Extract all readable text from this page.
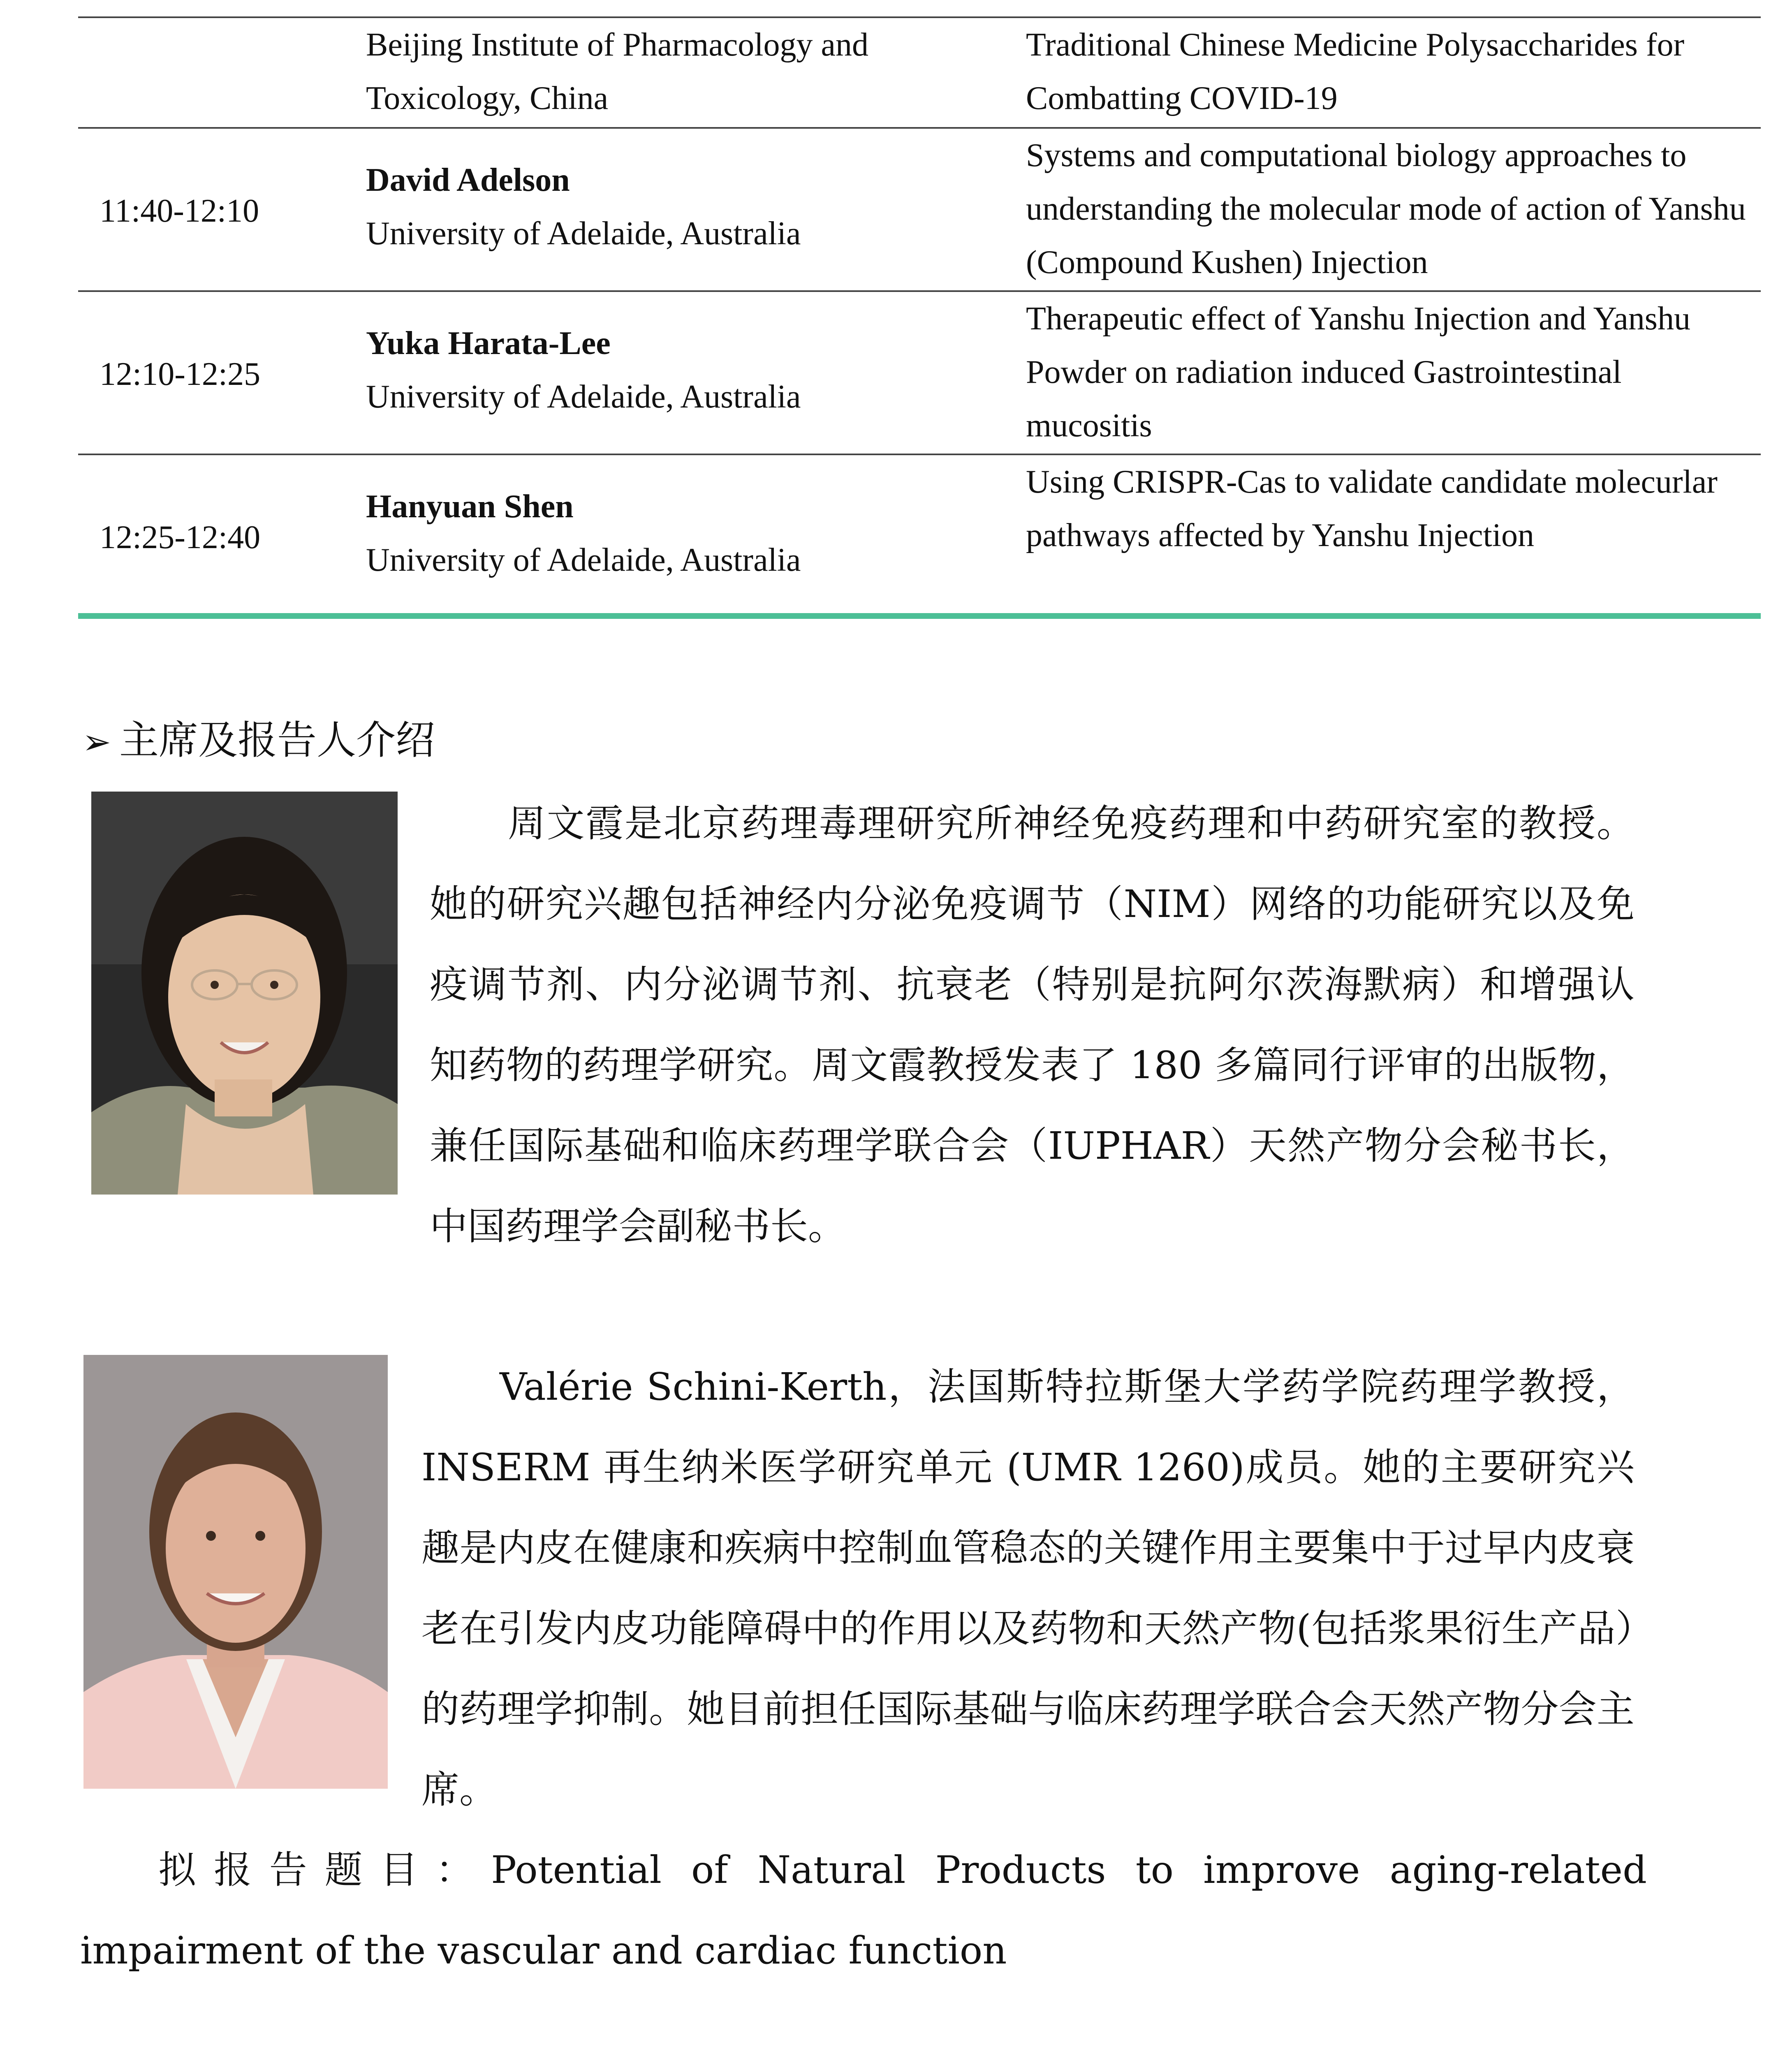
Beijing Institute of Pharmacology and Toxicology, China
Traditional Chinese Medicine Polysaccharides for Combatting COVID-19
11:40-12:10
David Adelson
University of Adelaide, Australia
Systems and computational biology approaches to understanding the molecular mode of action of Yanshu (Compound Kushen) Injection
12:10-12:25
Yuka Harata-Lee
University of Adelaide, Australia
Therapeutic effect of Yanshu Injection and Yanshu Powder on radiation induced Gastrointestinal mucositis
12:25-12:40
Hanyuan Shen
University of Adelaide, Australia
Using CRISPR-Cas to validate candidate molecurlar pathways affected by Yanshu Injection
➢ 主席及报告人介绍
周文霞是北京药理毒理研究所神经免疫药理和中药研究室的教授。她的研究兴趣包括神经内分泌免疫调节（NIM）网络的功能研究以及免疫调节剂、内分泌调节剂、抗衰老（特别是抗阿尔茨海默病）和增强认知药物的药理学研究。周文霞教授发表了 180 多篇同行评审的出版物，兼任国际基础和临床药理学联合会（IUPHAR）天然产物分会秘书长，中国药理学会副秘书长。
Valérie Schini-Kerth，法国斯特拉斯堡大学药学院药理学教授，INSERM 再生纳米医学研究单元 (UMR 1260)成员。她的主要研究兴趣是内皮在健康和疾病中控制血管稳态的关键作用主要集中于过早内皮衰老在引发内皮功能障碍中的作用以及药物和天然产物(包括浆果衍生产品）的药理学抑制。她目前担任国际基础与临床药理学联合会天然产物分会主席。
拟报告题目：Potential of Natural Products to improve aging-related impairment of the vascular and cardiac function
